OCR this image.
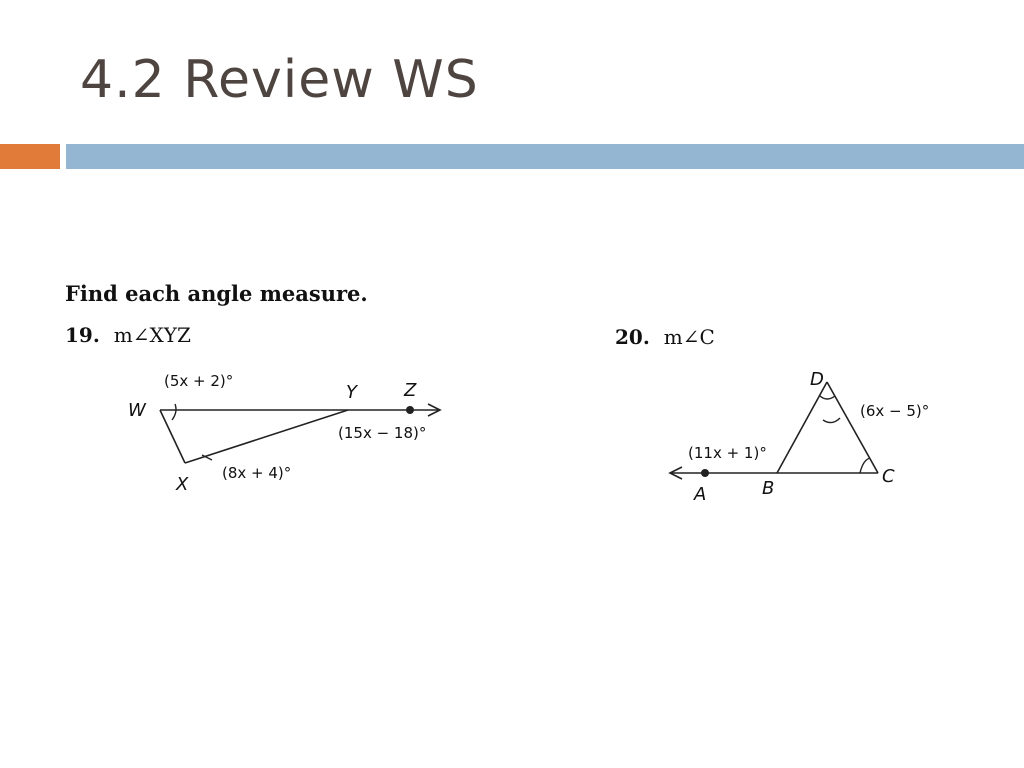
4.2 Review WS
Find each angle measure.
19. m∠XYZ
W
X
Y	Z
(5x + 2)°
(8x + 4)°
(15x − 18)°
20. m∠C
D
C
B
A
(11x + 1)°
(6x − 5)°
